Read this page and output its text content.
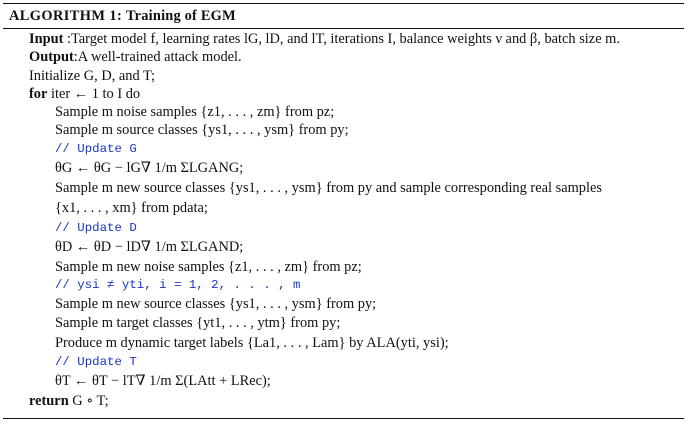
ALGORITHM 1: Training of EGM
Input :Target model f, learning rates lG, lD, and lT, iterations I, balance weights ν and β, batch size m.
Output:A well-trained attack model.
Initialize G, D, and T;
for iter ← 1 to I do
Sample m noise samples {z1, . . . , zm} from pz;
Sample m source classes {ys1, . . . , ysm} from py;
// Update G
θG ← θG − lG∇ 1/m ΣLGANG;
Sample m new source classes {ys1, . . . , ysm} from py and sample corresponding real samples
{x1, . . . , xm} from pdata;
// Update D
θD ← θD − lD∇ 1/m ΣLGAND;
Sample m new noise samples {z1, . . . , zm} from pz;
// ysi ≠ yti, i = 1, 2, . . . , m
Sample m new source classes {ys1, . . . , ysm} from py;
Sample m target classes {yt1, . . . , ytm} from py;
Produce m dynamic target labels {La1, . . . , Lam} by ALA(yti, ysi);
// Update T
θT ← θT − lT∇ 1/m Σ(LAtt + LRec);
return G ∘ T;
